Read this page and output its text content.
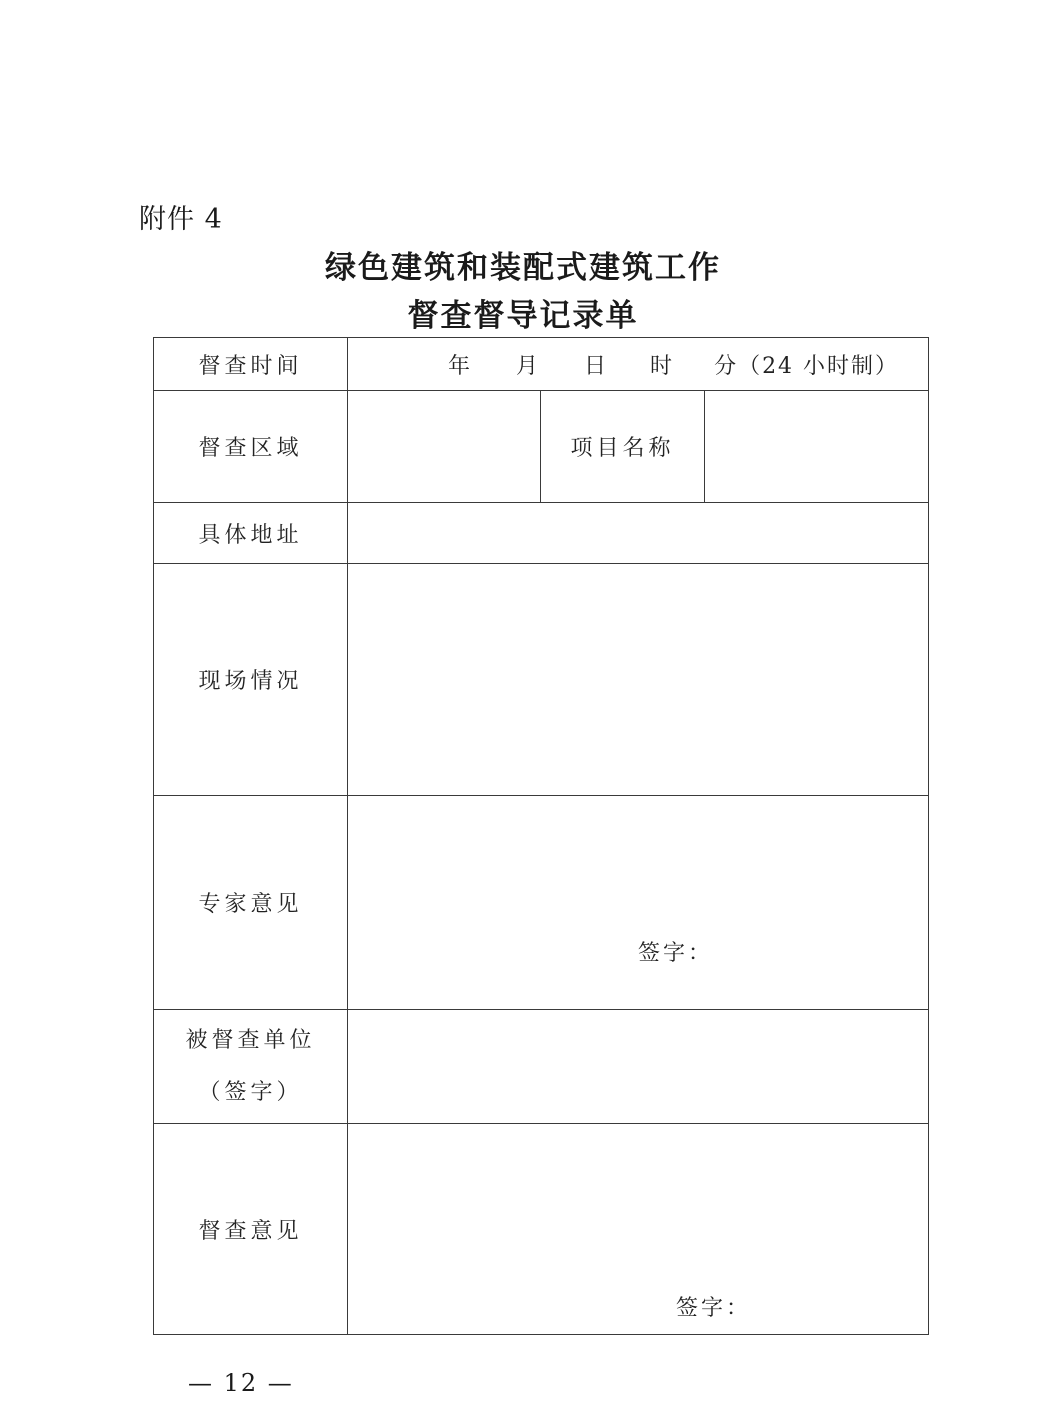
附件 4
绿色建筑和装配式建筑工作
督查督导记录单
督查时间	年 月 日 时 分（24 小时制）		

督查区域		项目名称	
具体地址			
现场情况			
专家意见	签字：		

被督查单位
（签字）			

督查意见	签字：		
— 12 —
